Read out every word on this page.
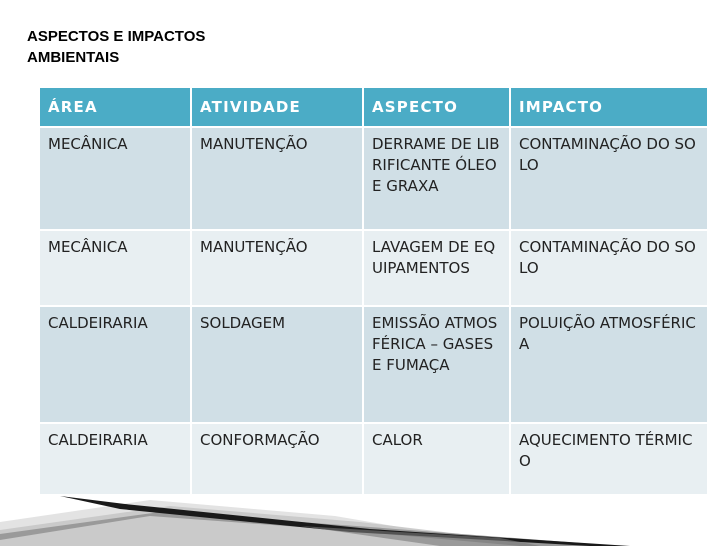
ASPECTOS E IMPACTOS
AMBIENTAIS
ÁREA	ATIVIDADE	ASPECTO	IMPACTO
MECÂNICA	MANUTENÇÃO	DERRAME DE LIBRIFICANTE ÓLEO E GRAXA	CONTAMINAÇÃO DO SOLO
MECÂNICA	MANUTENÇÃO	LAVAGEM DE EQUIPAMENTOS	CONTAMINAÇÃO DO SOLO
CALDEIRARIA	SOLDAGEM	EMISSÃO ATMOSFÉRICA – GASES E FUMAÇA	POLUIÇÃO ATMOSFÉRICA
CALDEIRARIA	CONFORMAÇÃO	CALOR	AQUECIMENTO TÉRMICO
